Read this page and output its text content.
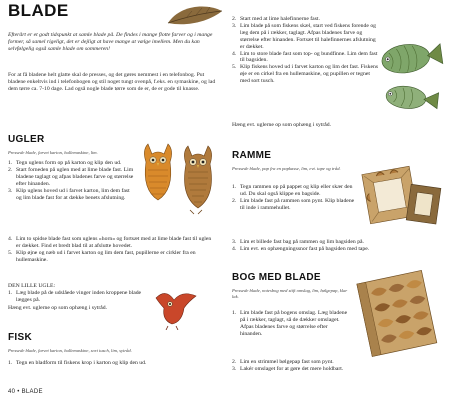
BLADE
Efterårt er et godt tidspunkt at samle blade på. De findes i mange flotte farver og i mange former, så samel rigeligt, det er dejligt at have mange at vælge imellem. Men du kan selvfølgelig også samle blade om sommeren!
For at få bladene helt glatte skal de presses, og det gøres nemmest i en telefonbog. Put bladene enkeltvis ind i telefonbogen og stil noget tungt ovenpå, f.eks. en symaskine, og lad dem tørre ca. 7-10 dage. Lad også nogle blade tørre som de er, de er gode til knasse.
UGLER
Pressede blade, farvet karton, hullemaskine, lim.
1. Tegn uglens form op på karton og klip den ud.
2. Start forneden på uglen med at lime blade fast. Lim bladene taglagt og afpas bladenes farve og størrelse efter hinanden.
3. Klip uglens hoved ud i farvet karton, lim dem fast og lim blade fast for at dække benets afslutning.
4. Lim to spidse blade fast som uglens »horn« og fortsæt med at lime blade fast til uglen er dækket. Find et bredt blad til at afslutte hovedet.
5. Klip øjne og næb ud i farvet karton og lim dem fast, pupillerne er cirkler fra en hullemaskine.
DEN LILLE UGLE:
1. Læg blade på de udslåede vinger inden kroppene blade lægges på.
Hæng evt. uglerne op som ophæng i sytråd.
FISK
Pressede blade, farvet karton, hullemaskine, sort tusch, lim, sytråd.
1. Tegn en bladform til fiskens krop i karton og klip den ud.
40 • BLADE
2. Start med at lime halefinnerne fast.
3. Lim blade på som fiskens skæl, start ved fiskens forende og læg dem på i rækker, taglagt. Afpas bladenes farve og størrelse efter hinanden. Fortsæt til halefinnernes afslutning er dækket.
4. Lim to store blade fast som top- og bundfinne. Lim dem fast til bagsiden.
5. Klip fiskens hoved ud i farvet karton og lim det fast. Fiskens øje er en cirkel fra en hullemaskine, og pupillen er tegnet med sort tusch.
Hæng evt. uglerne op som ophæng i sytråd.
RAMME
Pressede blade, pap fra en papkasse, lim, evt. tape og tråd.
1. Tegn rammen op på pappet og klip eller skær den ud. Du skal også klippe en bagside.
2. Lim blade fast på rammen som pynt. Klip bladene til inde i rammehullet.
3. Lim et billede fast bag på rammen og lim bagsiden på.
4. Lim evt. en ophængningssnor fast på bagsiden med tape.
BOG MED BLADE
Pressede blade, notesbog med stift omslag, lim, bølgepap, klar lak.
1. Lim blade fast på bogens omslag. Læg bladene på i rækker, taglagt, så de dækker omslaget. Afpas bladenes farve og størrelse efter hinanden.
2. Lim en strimmel bølgepap fast som pynt.
3. Lakér omslaget for at gøre det mere holdbart.
